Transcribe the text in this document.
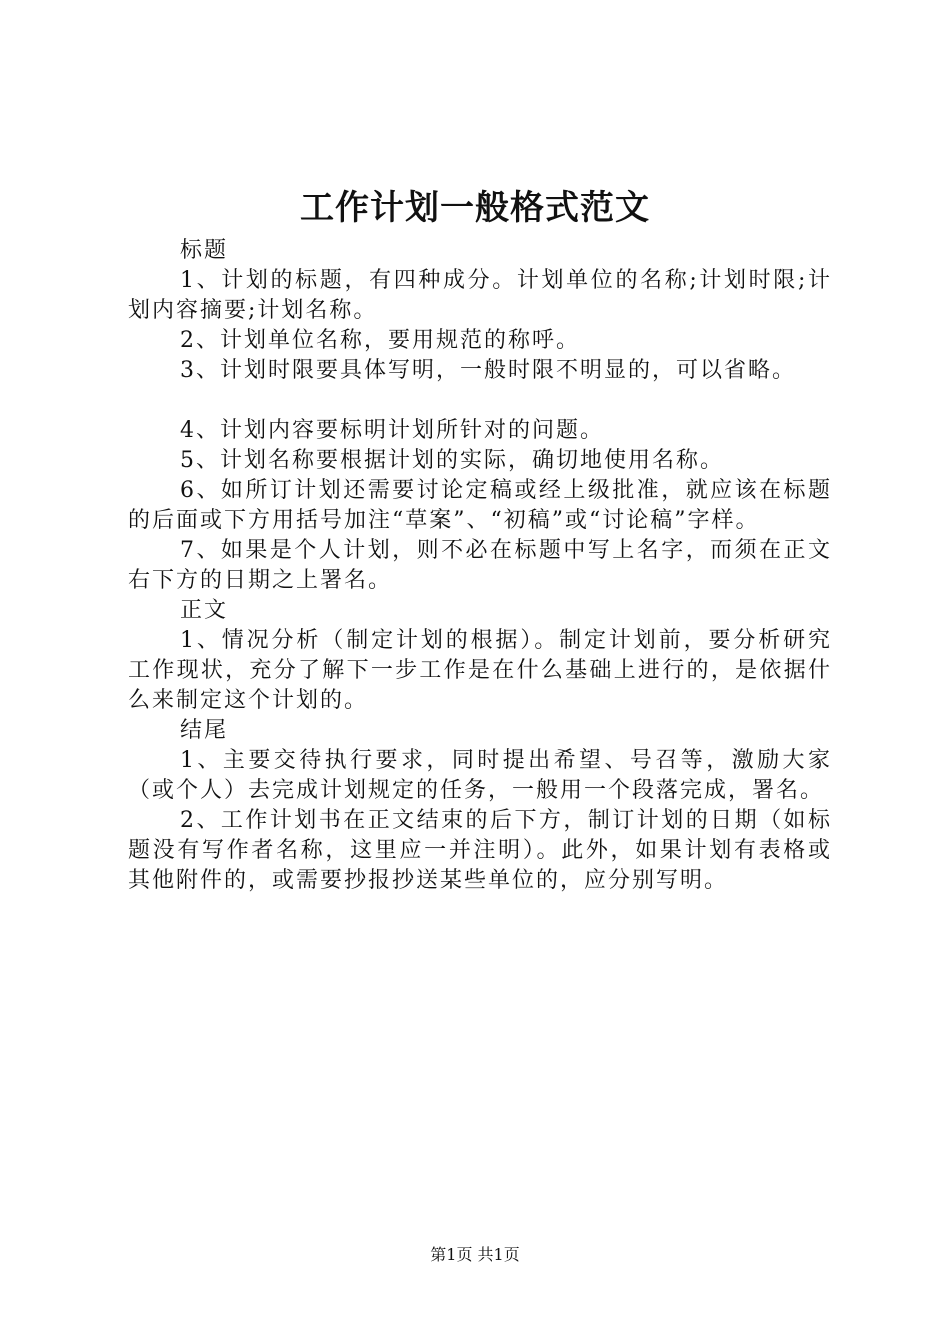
工作计划一般格式范文

标题

1、计划的标题，有四种成分。计划单位的名称;计划时限;计划内容摘要;计划名称。

2、计划单位名称，要用规范的称呼。

3、计划时限要具体写明，一般时限不明显的，可以省略。

4、计划内容要标明计划所针对的问题。

5、计划名称要根据计划的实际，确切地使用名称。

6、如所订计划还需要讨论定稿或经上级批准，就应该在标题的后面或下方用括号加注“草案”、“初稿”或“讨论稿”字样。

7、如果是个人计划，则不必在标题中写上名字，而须在正文右下方的日期之上署名。

正文

1、情况分析（制定计划的根据）。制定计划前，要分析研究工作现状，充分了解下一步工作是在什么基础上进行的，是依据什么来制定这个计划的。

结尾

1、主要交待执行要求，同时提出希望、号召等，激励大家（或个人）去完成计划规定的任务，一般用一个段落完成，署名。

2、工作计划书在正文结束的后下方，制订计划的日期（如标题没有写作者名称，这里应一并注明）。此外，如果计划有表格或其他附件的，或需要抄报抄送某些单位的，应分别写明。

第1页 共1页
